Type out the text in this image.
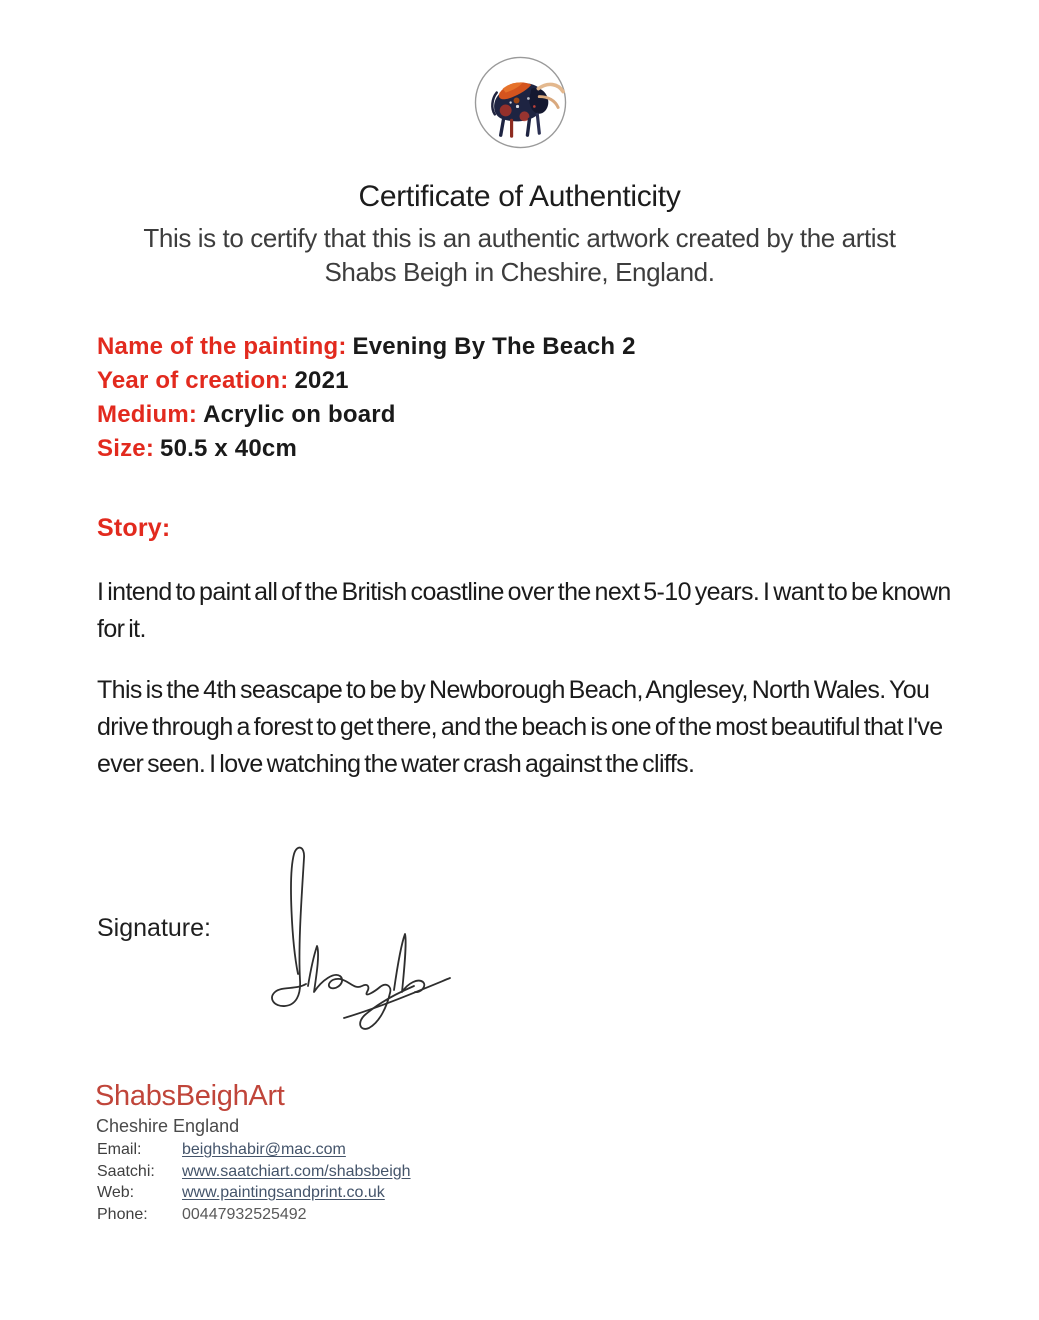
Certificate of Authenticity
This is to certify that this is an authentic artwork created by the artist
Shabs Beigh in Cheshire, England.
Name of the painting: Evening By The Beach 2
Year of creation: 2021
Medium: Acrylic on board
Size: 50.5 x 40cm
Story:
I intend to paint all of the British coastline over the next 5-10 years. I want to be known for it.
This is the 4th seascape to be by Newborough Beach, Anglesey, North Wales. You drive through a forest to get there, and the beach is one of the most beautiful that I've ever seen. I love watching the water crash against the cliffs.
Signature:
ShabsBeighArt
Cheshire England
Email:	beighshabir@mac.com
Saatchi:	www.saatchiart.com/shabsbeigh
Web:	www.paintingsandprint.co.uk
Phone:	00447932525492
